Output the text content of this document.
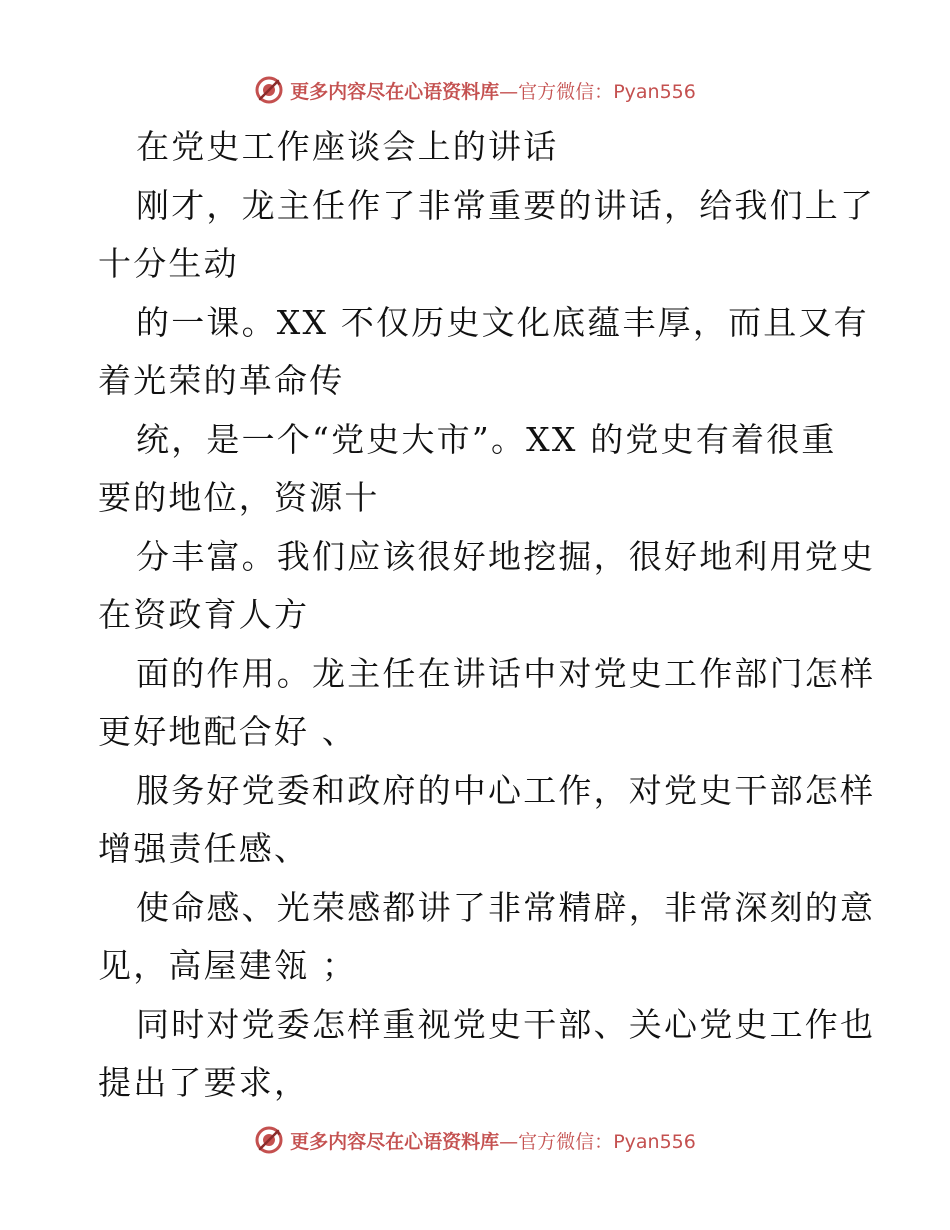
更多内容尽在心语资料库—官方微信：Pyan556
在党史工作座谈会上的讲话
刚才，龙主任作了非常重要的讲话，给我们上了
十分生动
的一课。XX 不仅历史文化底蕴丰厚，而且又有
着光荣的革命传
统，是一个“党史大市”。XX 的党史有着很重
要的地位，资源十
分丰富。我们应该很好地挖掘，很好地利用党史
在资政育人方
面的作用。龙主任在讲话中对党史工作部门怎样
更好地配合好 、
服务好党委和政府的中心工作，对党史干部怎样
增强责任感、
使命感、光荣感都讲了非常精辟，非常深刻的意
见，高屋建瓴 ；
同时对党委怎样重视党史干部、关心党史工作也
提出了要求，
更多内容尽在心语资料库—官方微信：Pyan556
